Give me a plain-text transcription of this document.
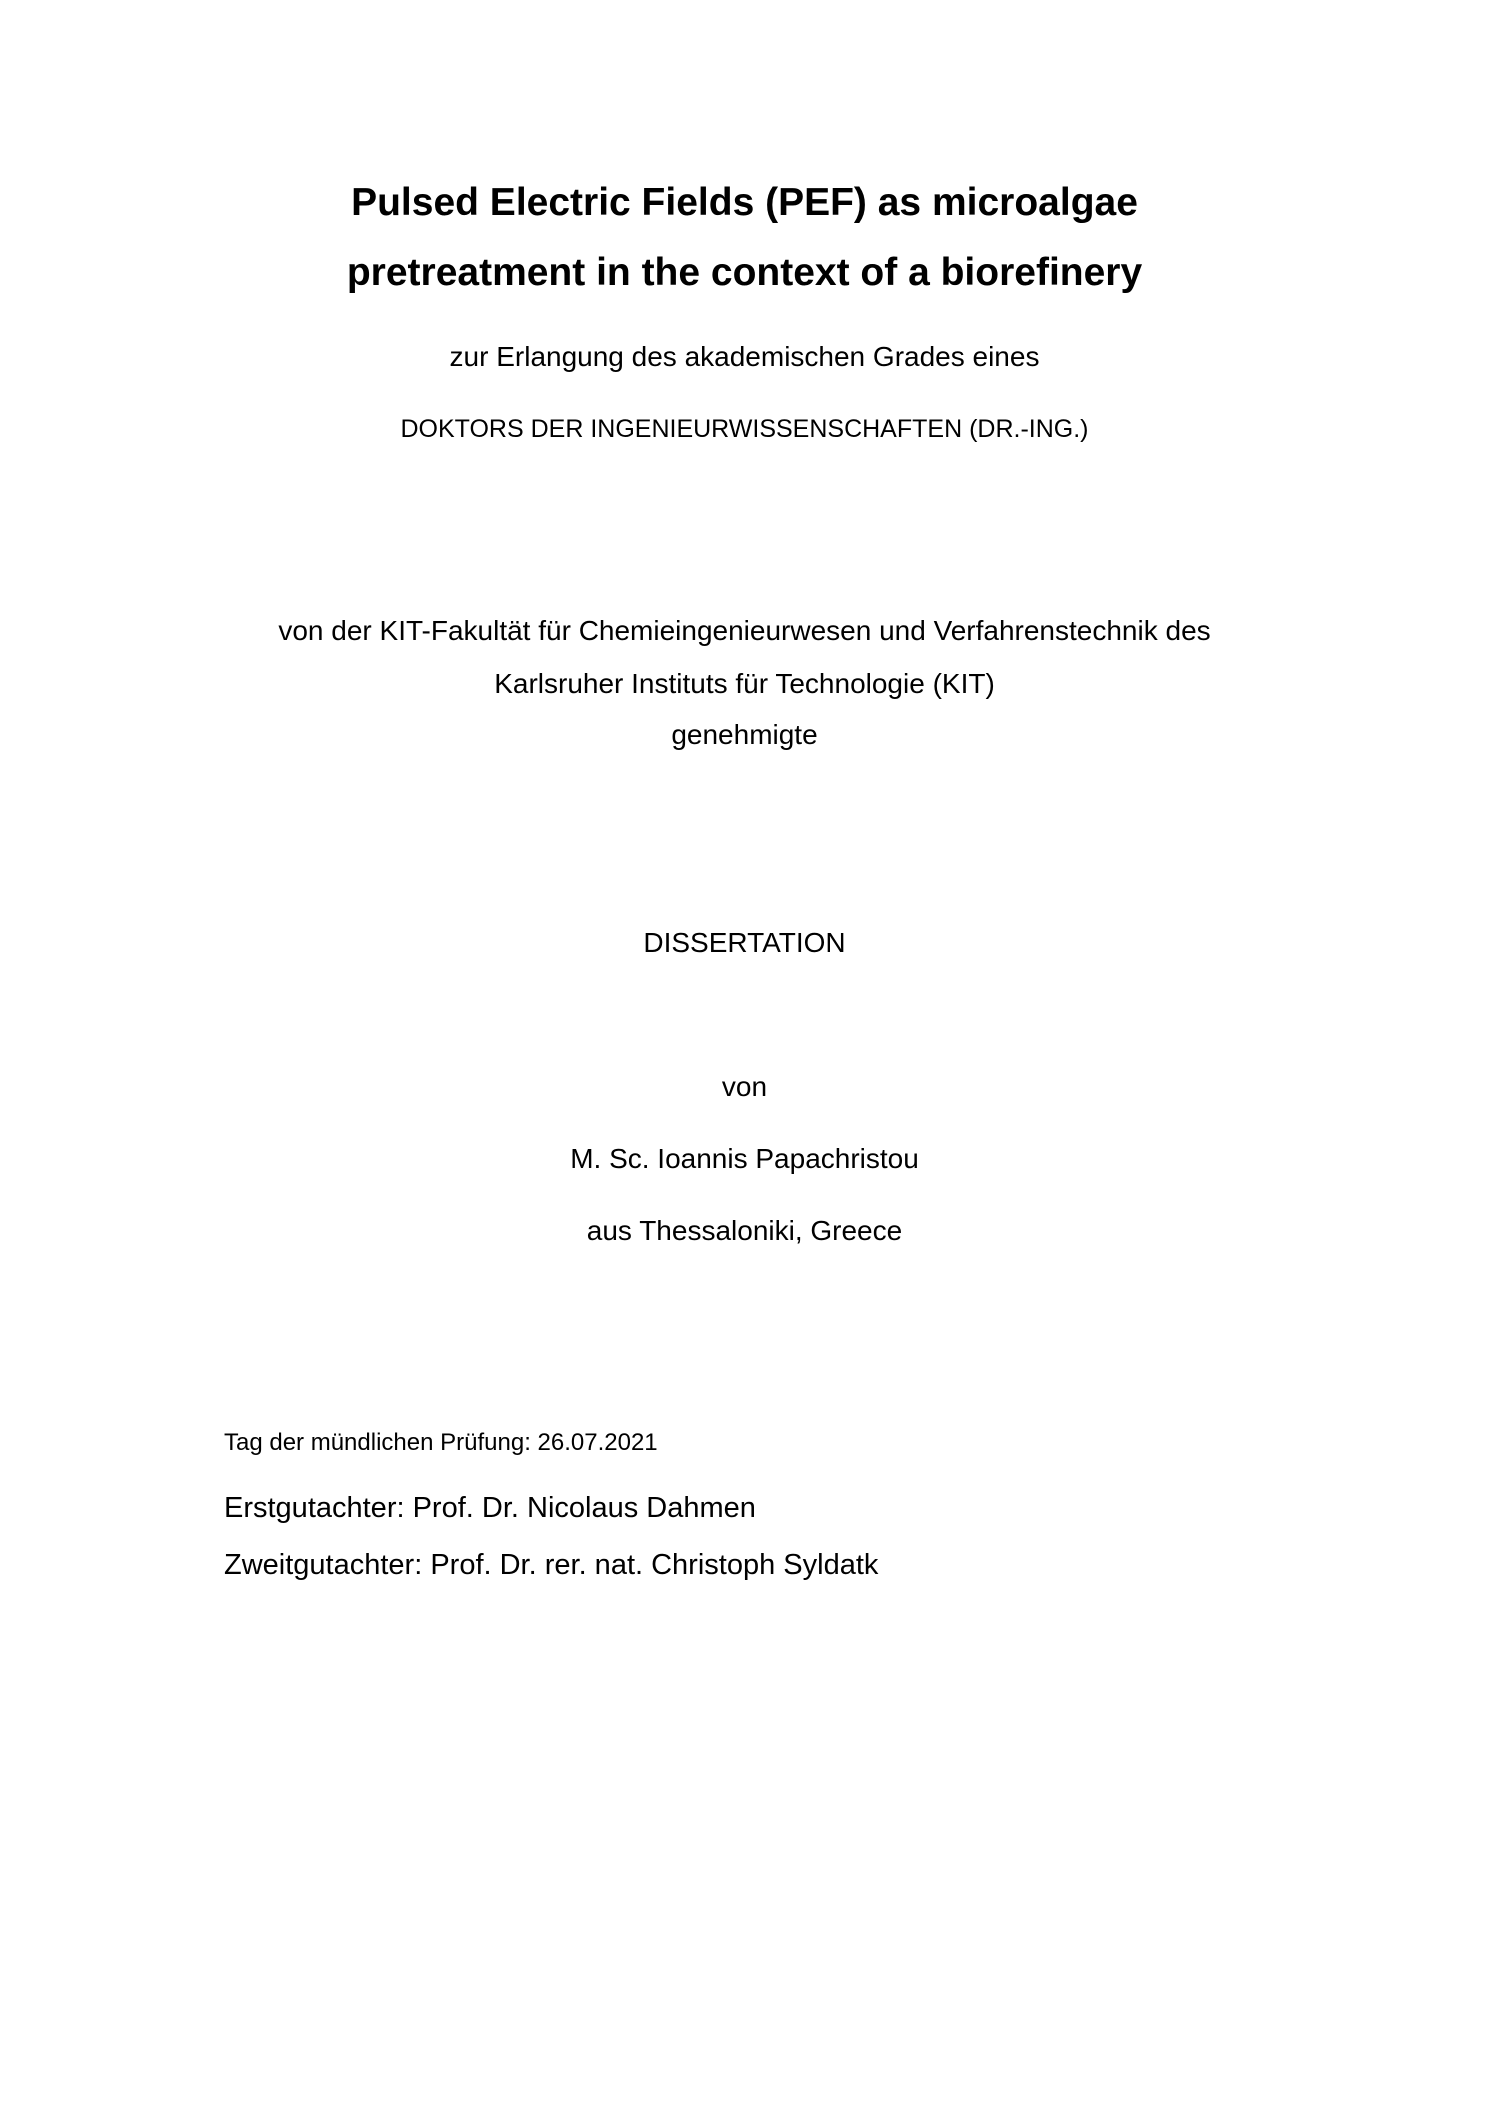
Pulsed Electric Fields (PEF) as microalgae
pretreatment in the context of a biorefinery
zur Erlangung des akademischen Grades eines
DOKTORS DER INGENIEURWISSENSCHAFTEN (DR.-ING.)
von der KIT-Fakultät für Chemieingenieurwesen und Verfahrenstechnik des
Karlsruher Instituts für Technologie (KIT)
genehmigte
DISSERTATION
von
M. Sc. Ioannis Papachristou
aus Thessaloniki, Greece
Tag der mündlichen Prüfung: 26.07.2021
Erstgutachter: Prof. Dr. Nicolaus Dahmen
Zweitgutachter: Prof. Dr. rer. nat. Christoph Syldatk
